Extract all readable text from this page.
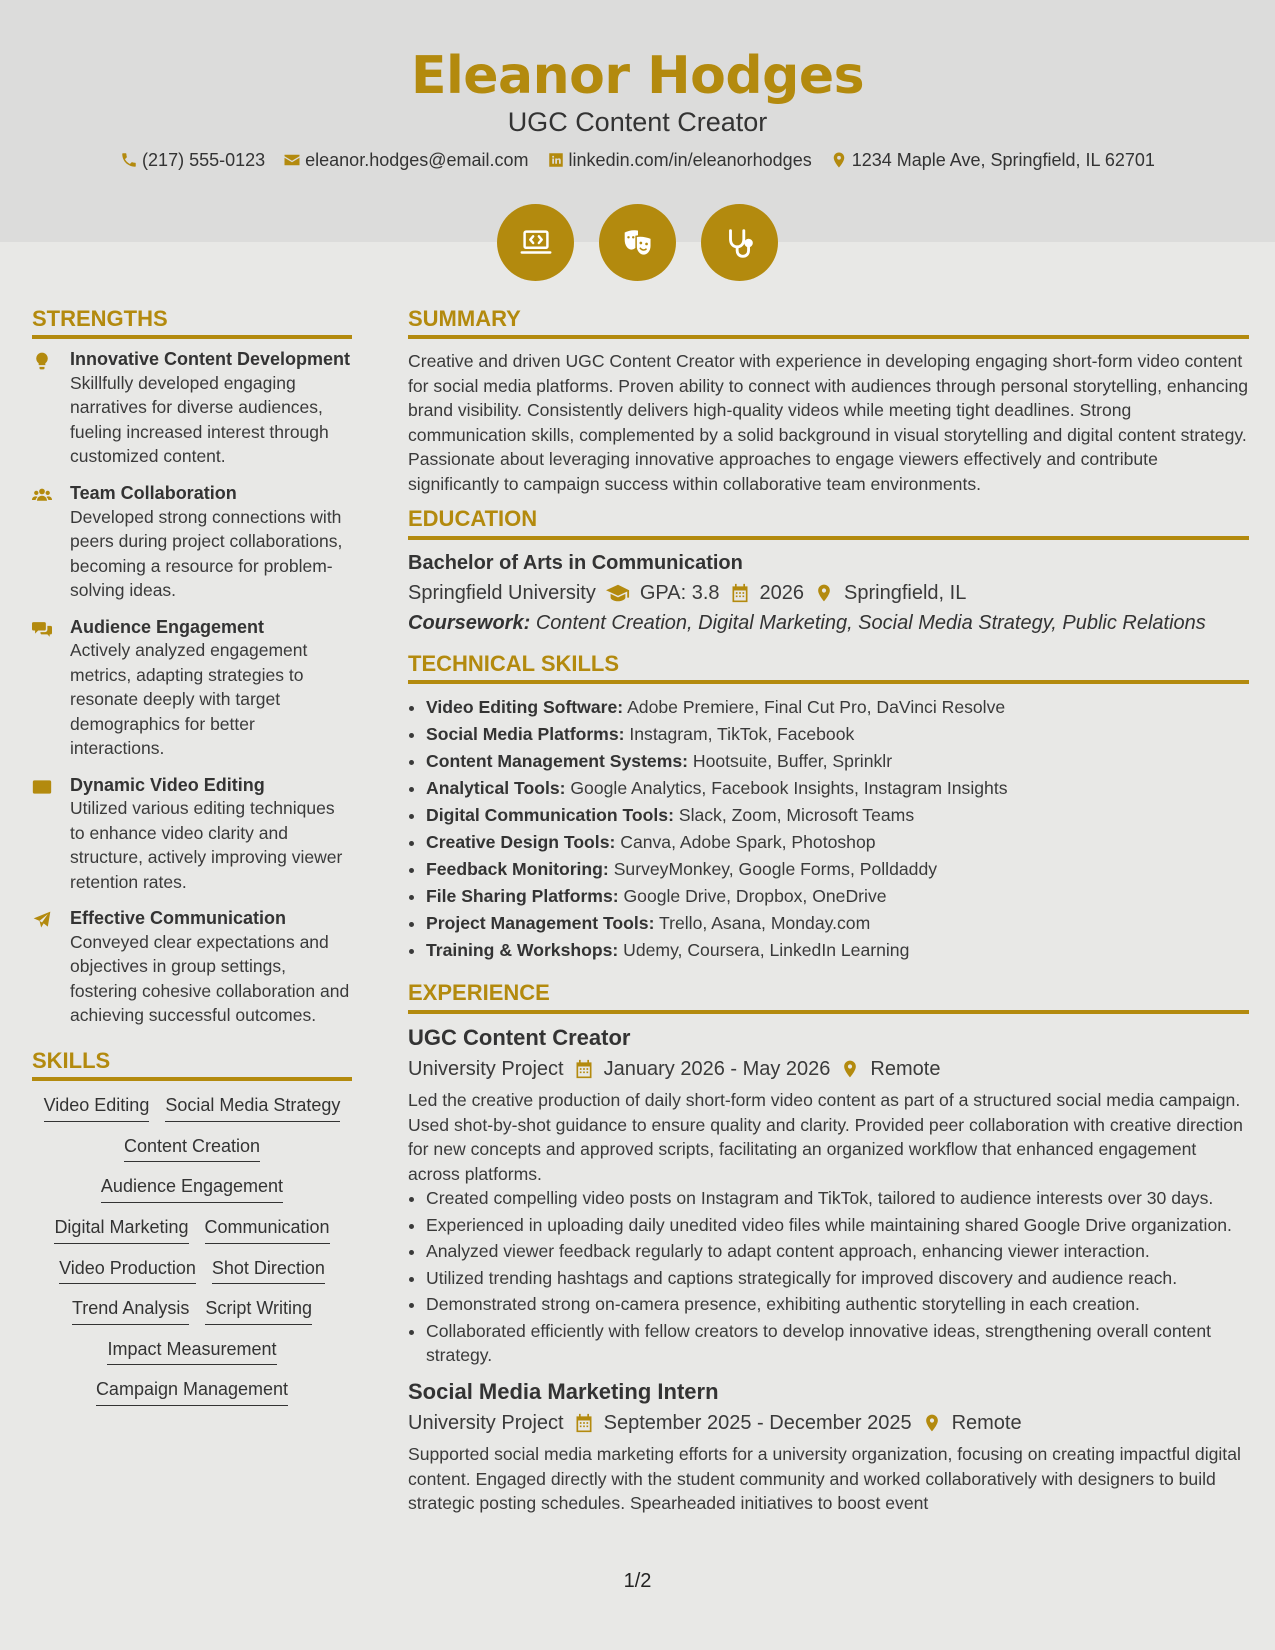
Eleanor Hodges
UGC Content Creator
(217) 555-0123 eleanor.hodges@email.com linkedin.com/in/eleanorhodges 1234 Maple Ave, Springfield, IL 62701
STRENGTHS
Innovative Content Development

Skillfully developed engaging narratives for diverse audiences, fueling increased interest through customized content.

Team Collaboration

Developed strong connections with peers during project collaborations, becoming a resource for problem-solving ideas.

Audience Engagement

Actively analyzed engagement metrics, adapting strategies to resonate deeply with target demographics for better interactions.

Dynamic Video Editing

Utilized various editing techniques to enhance video clarity and structure, actively improving viewer retention rates.

Effective Communication

Conveyed clear expectations and objectives in group settings, fostering cohesive collaboration and achieving successful outcomes.

SKILLS
Video Editing Social Media Strategy
Content Creation
Audience Engagement
Digital Marketing Communication
Video Production Shot Direction
Trend Analysis Script Writing
Impact Measurement
Campaign Management
SUMMARY

Creative and driven UGC Content Creator with experience in developing engaging short-form video content for social media platforms. Proven ability to connect with audiences through personal storytelling, enhancing brand visibility. Consistently delivers high-quality videos while meeting tight deadlines. Strong communication skills, complemented by a solid background in visual storytelling and digital content strategy. Passionate about leveraging innovative approaches to engage viewers effectively and contribute significantly to campaign success within collaborative team environments.

EDUCATION
Bachelor of Arts in Communication
Springfield University GPA: 3.8 2026 Springfield, IL
Coursework: Content Creation, Digital Marketing, Social Media Strategy, Public Relations
TECHNICAL SKILLS
• Video Editing Software: Adobe Premiere, Final Cut Pro, DaVinci Resolve
• Social Media Platforms: Instagram, TikTok, Facebook
• Content Management Systems: Hootsuite, Buffer, Sprinklr
• Analytical Tools: Google Analytics, Facebook Insights, Instagram Insights
• Digital Communication Tools: Slack, Zoom, Microsoft Teams
• Creative Design Tools: Canva, Adobe Spark, Photoshop
• Feedback Monitoring: SurveyMonkey, Google Forms, Polldaddy
• File Sharing Platforms: Google Drive, Dropbox, OneDrive
• Project Management Tools: Trello, Asana, Monday.com
• Training & Workshops: Udemy, Coursera, LinkedIn Learning
EXPERIENCE
UGC Content Creator
University Project January 2026 - May 2026 Remote

Led the creative production of daily short-form video content as part of a structured social media campaign. Used shot-by-shot guidance to ensure quality and clarity. Provided peer collaboration with creative direction for new concepts and approved scripts, facilitating an organized workflow that enhanced engagement across platforms.

• Created compelling video posts on Instagram and TikTok, tailored to audience interests over 30 days.
• Experienced in uploading daily unedited video files while maintaining shared Google Drive organization.
• Analyzed viewer feedback regularly to adapt content approach, enhancing viewer interaction.
• Utilized trending hashtags and captions strategically for improved discovery and audience reach.
• Demonstrated strong on-camera presence, exhibiting authentic storytelling in each creation.
• Collaborated efficiently with fellow creators to develop innovative ideas, strengthening overall content strategy.
Social Media Marketing Intern
University Project September 2025 - December 2025 Remote

Supported social media marketing efforts for a university organization, focusing on creating impactful digital content. Engaged directly with the student community and worked collaboratively with designers to build strategic posting schedules. Spearheaded initiatives to boost event

1/2
